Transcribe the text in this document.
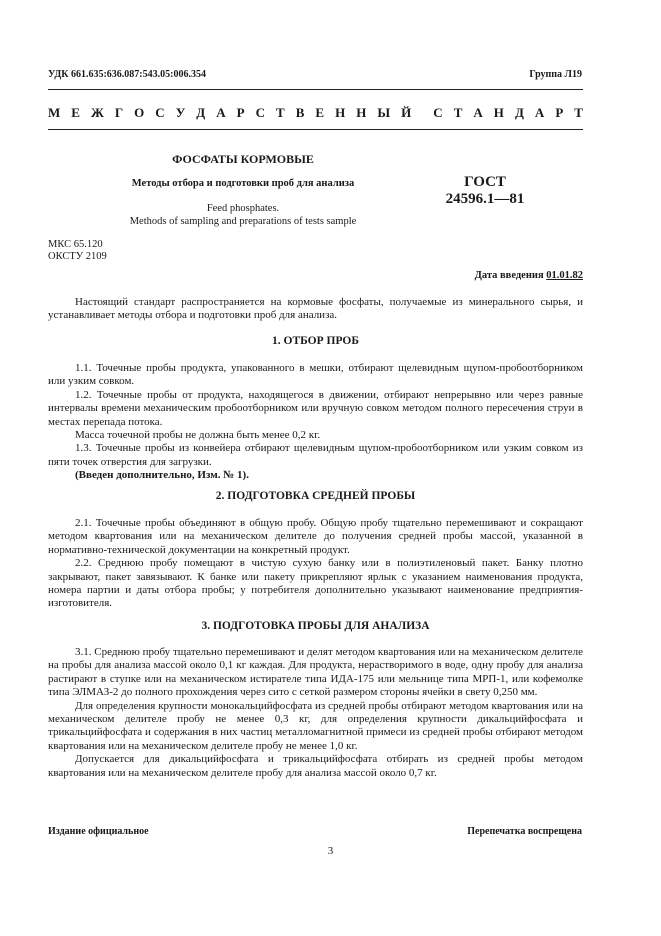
УДК 661.635:636.087:543.05:006.354	Группа Л19
М Е Ж Г О С У Д А Р С Т В Е Н Н Ы Й С Т А Н Д А Р Т
ФОСФАТЫ КОРМОВЫЕ
Методы отбора и подготовки проб для анализа
Feed phosphates.
Methods of sampling and preparations of tests sample
ГОСТ
24596.1—81
МКС 65.120
ОКСТУ 2109
Дата введения 01.01.82

Настоящий стандарт распространяется на кормовые фосфаты, получаемые из минерального сырья, и устанавливает методы отбора и подготовки проб для анализа.

1. ОТБОР ПРОБ

1.1. Точечные пробы продукта, упакованного в мешки, отбирают щелевидным щупом-пробоотборником или узким совком.

1.2. Точечные пробы от продукта, находящегося в движении, отбирают непрерывно или через равные интервалы времени механическим пробоотборником или вручную совком методом полного пересечения струи в местах перепада потока.

Масса точечной пробы не должна быть менее 0,2 кг.

1.3. Точечные пробы из конвейера отбирают щелевидным щупом-пробоотборником или узким совком из пяти точек отверстия для загрузки.

(Введен дополнительно, Изм. № 1).

2. ПОДГОТОВКА СРЕДНЕЙ ПРОБЫ

2.1. Точечные пробы объединяют в общую пробу. Общую пробу тщательно перемешивают и сокращают методом квартования или на механическом делителе до получения средней пробы массой, указанной в нормативно-технической документации на конкретный продукт.

2.2. Среднюю пробу помещают в чистую сухую банку или в полиэтиленовый пакет. Банку плотно закрывают, пакет завязывают. К банке или пакету прикрепляют ярлык с указанием наименования продукта, номера партии и даты отбора пробы; у потребителя дополнительно указывают наименование предприятия-изготовителя.

3. ПОДГОТОВКА ПРОБЫ ДЛЯ АНАЛИЗА

3.1. Среднюю пробу тщательно перемешивают и делят методом квартования или на механическом делителе на пробы для анализа массой около 0,1 кг каждая. Для продукта, нерастворимого в воде, одну пробу для анализа растирают в ступке или на механическом истирателе типа ИДА-175 или мельнице типа МРП-1, или кофемолке типа ЭЛМАЗ-2 до полного прохождения через сито с сеткой размером стороны ячейки в свету 0,250 мм.

Для определения крупности монокальцийфосфата из средней пробы отбирают методом квартования или на механическом делителе пробу не менее 0,3 кг, для определения крупности дикальцийфосфата и трикальцийфосфата и содержания в них частиц металломагнитной примеси из средней пробы отбирают методом квартования или на механическом делителе пробу не менее 1,0 кг.

Допускается для дикальцийфосфата и трикальцийфосфата отбирать из средней пробы методом квартования или на механическом делителе пробу для анализа массой около 0,7 кг.

Издание официальное	Перепечатка воспрещена
3
